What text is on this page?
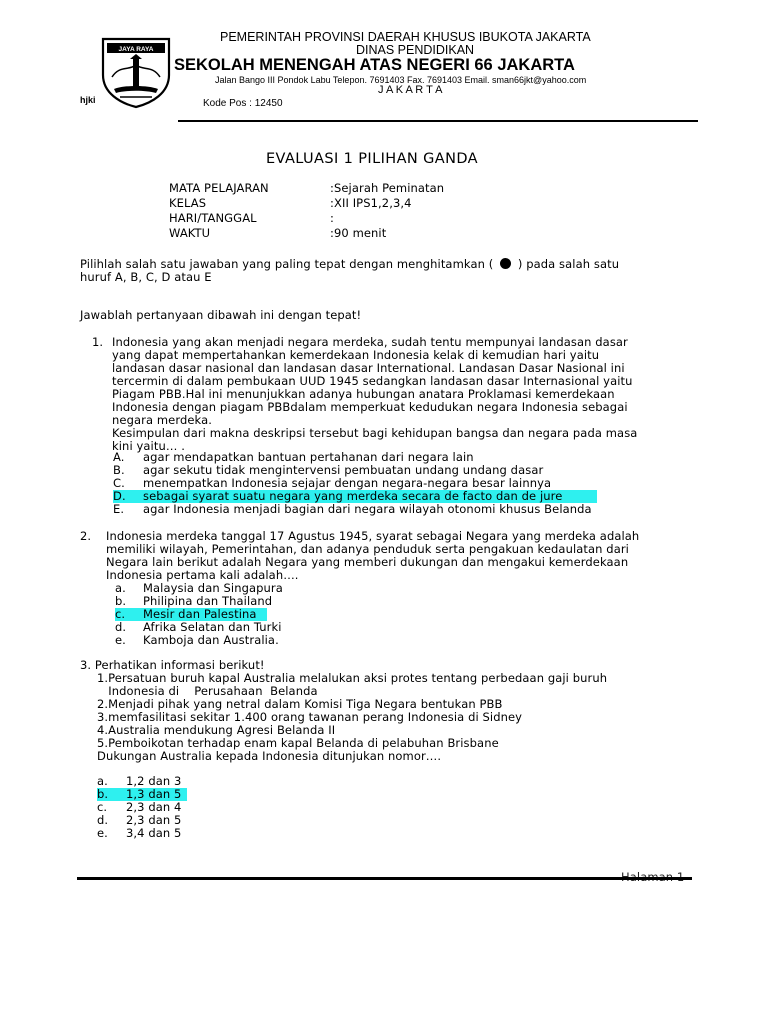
JAYA RAYA
PEMERINTAH PROVINSI DAERAH KHUSUS IBUKOTA JAKARTA
DINAS PENDIDIKAN
SEKOLAH MENENGAH ATAS NEGERI 66 JAKARTA
Jalan Bango III Pondok Labu Telepon. 7691403 Fax. 7691403 Email. sman66jkt@yahoo.com
J A K A R T A
hjki	Kode Pos : 12450
EVALUASI 1 PILIHAN GANDA
MATA PELAJARAN	:Sejarah Peminatan
KELAS	:XII IPS1,2,3,4
HARI/TANGGAL	:
WAKTU	:90 menit
Pilihlah salah satu jawaban yang paling tepat dengan menghitamkan ( ) pada salah satu
huruf A, B, C, D atau E
Jawablah pertanyaan dibawah ini dengan tepat!
1. Indonesia yang akan menjadi negara merdeka, sudah tentu mempunyai landasan dasar
yang dapat mempertahankan kemerdekaan Indonesia kelak di kemudian hari yaitu
landasan dasar nasional dan landasan dasar International. Landasan Dasar Nasional ini
tercermin di dalam pembukaan UUD 1945 sedangkan landasan dasar Internasional yaitu
Piagam PBB.Hal ini menunjukkan adanya hubungan anatara Proklamasi kemerdekaan
Indonesia dengan piagam PBBdalam memperkuat kedudukan negara Indonesia sebagai
negara merdeka.
Kesimpulan dari makna deskripsi tersebut bagi kehidupan bangsa dan negara pada masa
kini yaitu… .
A. agar mendapatkan bantuan pertahanan dari negara lain
B. agar sekutu tidak mengintervensi pembuatan undang undang dasar
C. menempatkan Indonesia sejajar dengan negara-negara besar lainnya
D. sebagai syarat suatu negara yang merdeka secara de facto dan de jure
E. agar Indonesia menjadi bagian dari negara wilayah otonomi khusus Belanda
2. Indonesia merdeka tanggal 17 Agustus 1945, syarat sebagai Negara yang merdeka adalah
memiliki wilayah, Pemerintahan, dan adanya penduduk serta pengakuan kedaulatan dari
Negara lain berikut adalah Negara yang memberi dukungan dan mengakui kemerdekaan
Indonesia pertama kali adalah….
a. Malaysia dan Singapura
b. Philipina dan Thailand
c. Mesir dan Palestina
d. Afrika Selatan dan Turki
e. Kamboja dan Australia.
3. Perhatikan informasi berikut!
1.Persatuan buruh kapal Australia melalukan aksi protes tentang perbedaan gaji buruh
Indonesia di    Perusahaan  Belanda
2.Menjadi pihak yang netral dalam Komisi Tiga Negara bentukan PBB
3.memfasilitasi sekitar 1.400 orang tawanan perang Indonesia di Sidney
4.Australia mendukung Agresi Belanda II
5.Pemboikotan terhadap enam kapal Belanda di pelabuhan Brisbane
Dukungan Australia kepada Indonesia ditunjukan nomor….
a. 1,2 dan 3
b. 1,3 dan 5
c. 2,3 dan 4
d. 2,3 dan 5
e. 3,4 dan 5
Halaman 1
